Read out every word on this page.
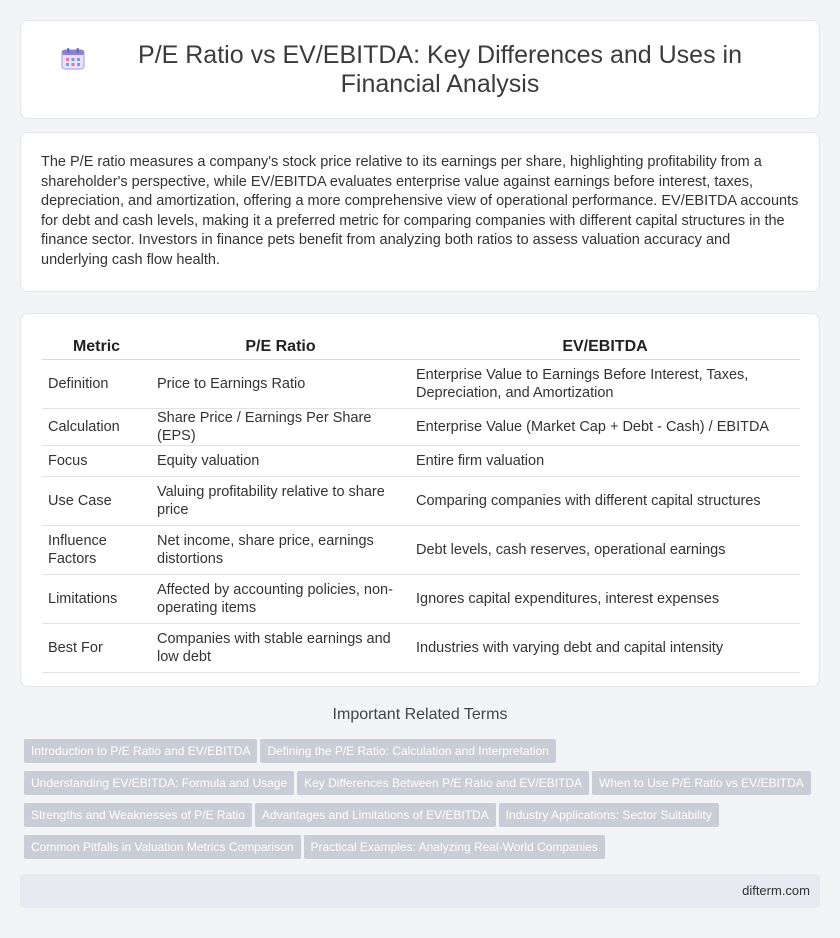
P/E Ratio vs EV/EBITDA: Key Differences and Uses in Financial Analysis

The P/E ratio measures a company's stock price relative to its earnings per share, highlighting profitability from a shareholder's perspective, while EV/EBITDA evaluates enterprise value against earnings before interest, taxes, depreciation, and amortization, offering a more comprehensive view of operational performance. EV/EBITDA accounts for debt and cash levels, making it a preferred metric for comparing companies with different capital structures in the finance sector. Investors in finance pets benefit from analyzing both ratios to assess valuation accuracy and underlying cash flow health.

Metric	P/E Ratio	EV/EBITDA
Definition	Price to Earnings Ratio	Enterprise Value to Earnings Before Interest, Taxes, Depreciation, and Amortization
Calculation	Share Price / Earnings Per Share (EPS)	Enterprise Value (Market Cap + Debt - Cash) / EBITDA
Focus	Equity valuation	Entire firm valuation
Use Case	Valuing profitability relative to share price	Comparing companies with different capital structures
Influence Factors	Net income, share price, earnings distortions	Debt levels, cash reserves, operational earnings
Limitations	Affected by accounting policies, non-operating items	Ignores capital expenditures, interest expenses
Best For	Companies with stable earnings and low debt	Industries with varying debt and capital intensity
Important Related Terms
Introduction to P/E Ratio and EV/EBITDA Defining the P/E Ratio: Calculation and Interpretation
Understanding EV/EBITDA: Formula and Usage Key Differences Between P/E Ratio and EV/EBITDA When to Use P/E Ratio vs EV/EBITDA
Strengths and Weaknesses of P/E Ratio Advantages and Limitations of EV/EBITDA Industry Applications: Sector Suitability
Common Pitfalls in Valuation Metrics Comparison Practical Examples: Analyzing Real-World Companies
difterm.com
